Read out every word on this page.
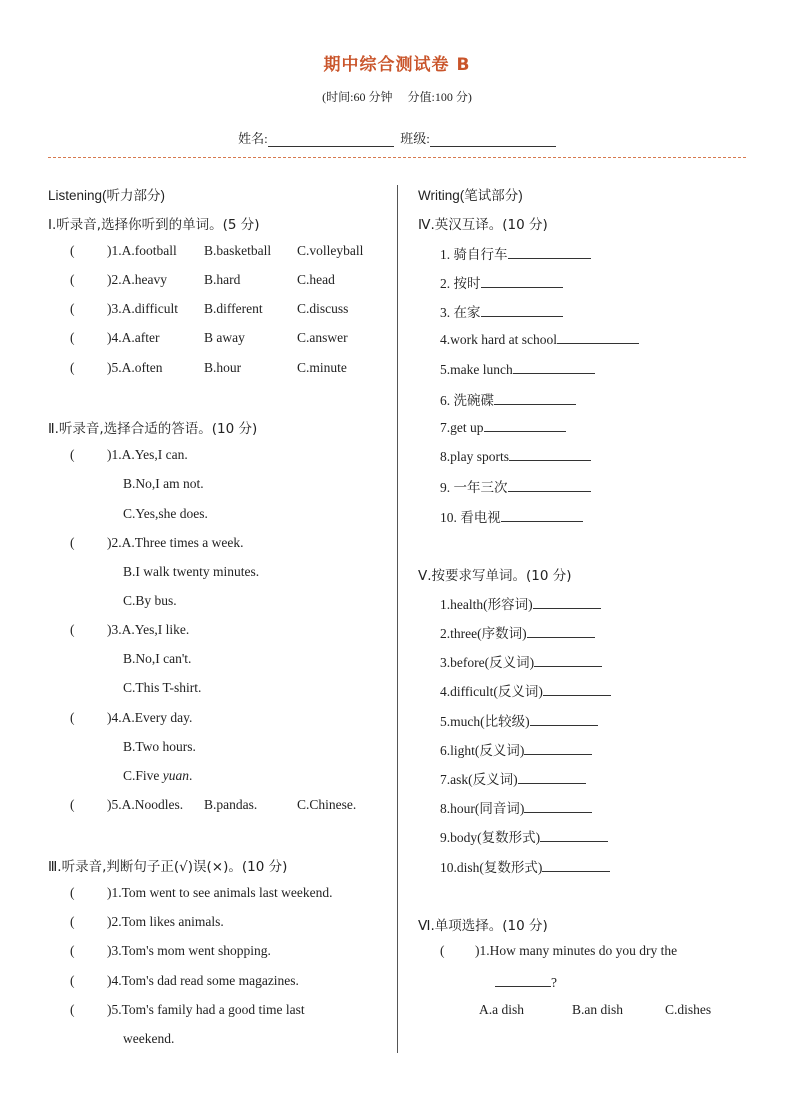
期中综合测试卷 B
(时间:60 分钟　 分值:100 分)
姓名:	班级:
Listening(听力部分)
Ⅰ.听录音,选择你听到的单词。(5 分)
( )1.A.football B.basketball C.volleyball
( )2.A.heavy	B.hard	C.head
( )3.A.difficult B.different	C.discuss
( )4.A.after	B away	C.answer
( )5.A.often	B.hour	C.minute
Ⅱ.听录音,选择合适的答语。(10 分)
( )1.A.Yes,I can.
B.No,I am not.
C.Yes,she does.
( )2.A.Three times a week.
B.I walk twenty minutes.
C.By bus.
( )3.A.Yes,I like.
B.No,I can't.
C.This T-shirt.
( )4.A.Every day.
B.Two hours.
C.Five yuan.
( )5.A.Noodles. B.pandas.	C.Chinese.
Ⅲ.听录音,判断句子正(√)误(×)。(10 分)
( )1.Tom went to see animals last weekend.
( )2.Tom likes animals.
( )3.Tom's mom went shopping.
( )4.Tom's dad read some magazines.
( )5.Tom's family had a good time last
weekend.
Writing(笔试部分)
Ⅳ.英汉互译。(10 分)
1. 骑自行车
2. 按时
3. 在家
4.work hard at school
5.make lunch
6. 洗碗碟
7.get up
8.play sports
9. 一年三次
10. 看电视
Ⅴ.按要求写单词。(10 分)
1.health(形容词)
2.three(序数词)
3.before(反义词)
4.difficult(反义词)
5.much(比较级)
6.light(反义词)
7.ask(反义词)
8.hour(同音词)
9.body(复数形式)
10.dish(复数形式)
Ⅵ.单项选择。(10 分)
( )1.How many minutes do you dry the
?
A.a dish	B.an dish	C.dishes
